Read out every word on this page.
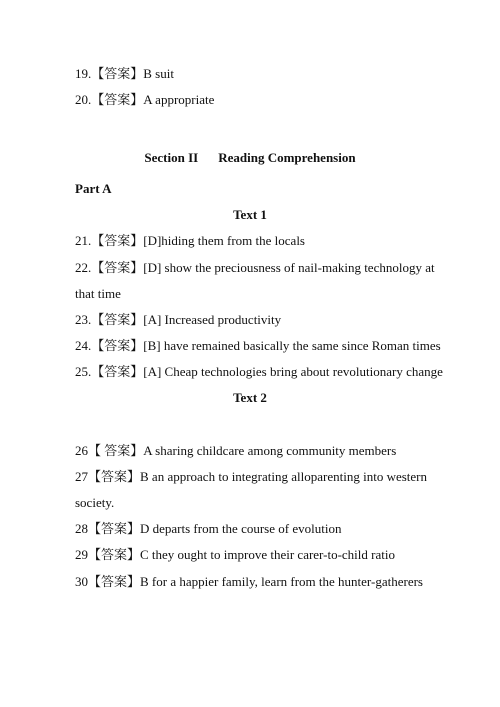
19.【答案】B suit
20.【答案】A appropriate
Section II Reading Comprehension
Part A
Text 1
21.【答案】[D]hiding them from the locals
22.【答案】[D] show the preciousness of nail-making technology at
that time
23.【答案】[A] Increased productivity
24.【答案】[B] have remained basically the same since Roman times
25.【答案】[A] Cheap technologies bring about revolutionary change
Text 2
26【 答案】A sharing childcare among community members
27【答案】B an approach to integrating alloparenting into western
society.
28【答案】D departs from the course of evolution
29【答案】C they ought to improve their carer-to-child ratio
30【答案】B for a happier family, learn from the hunter-gatherers
